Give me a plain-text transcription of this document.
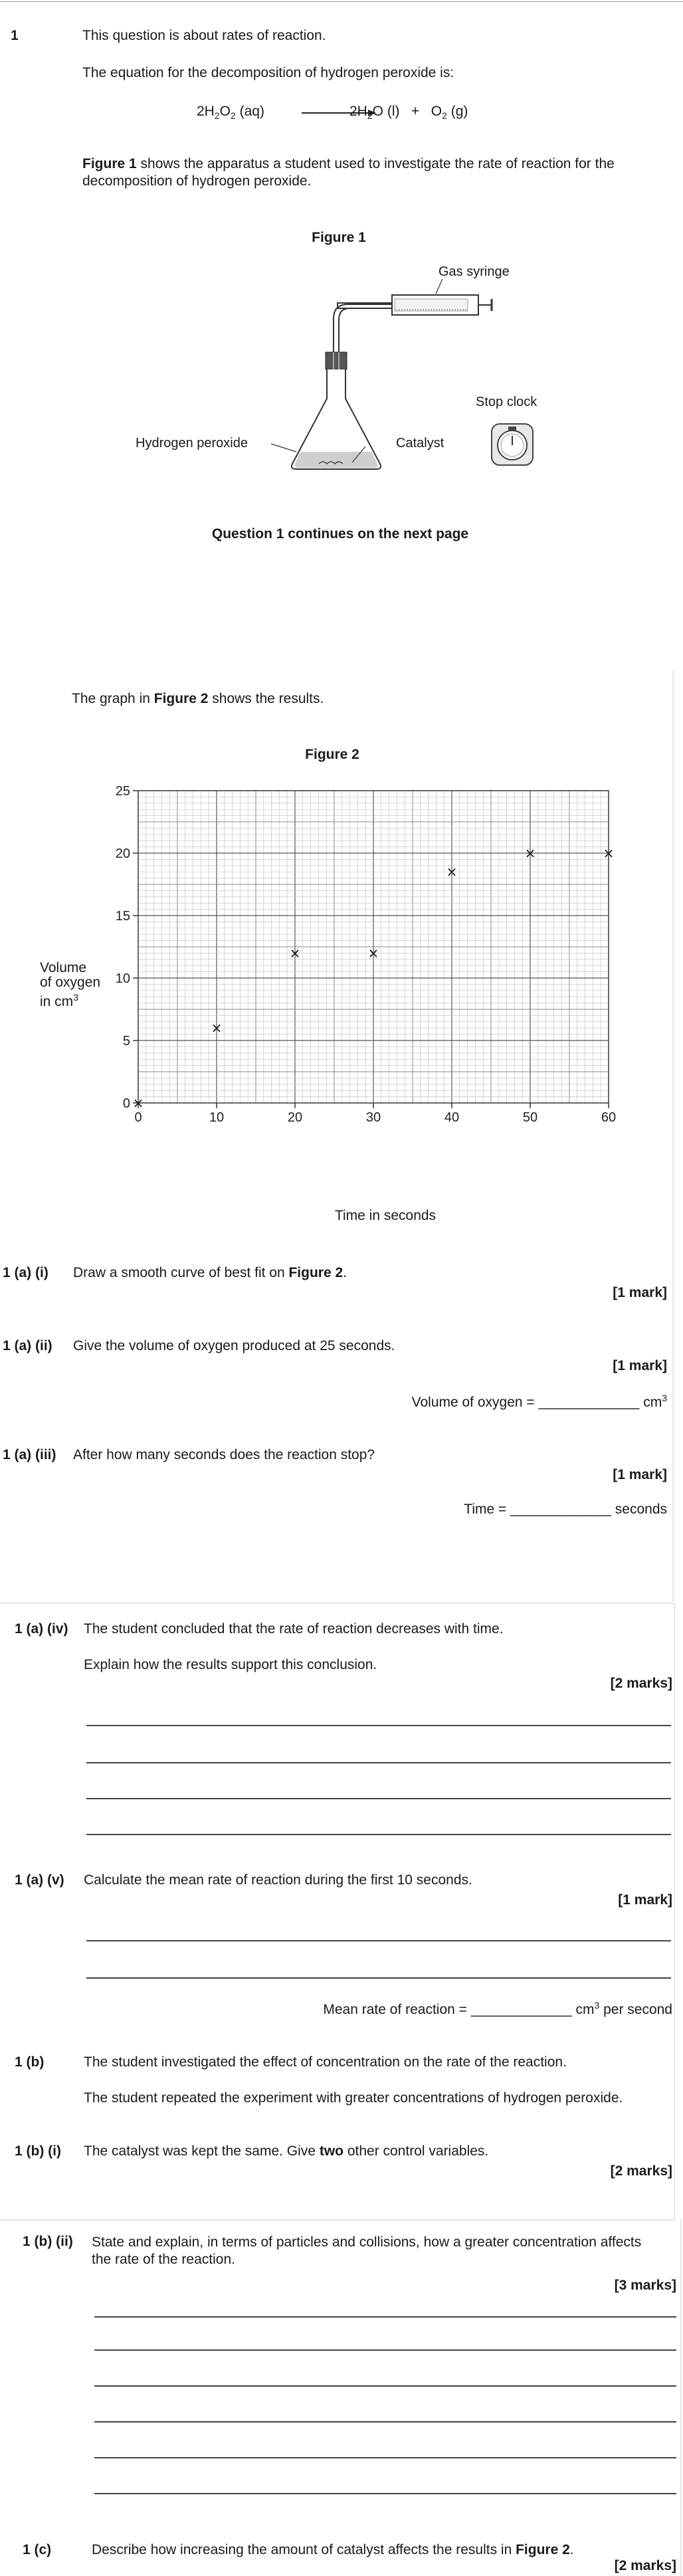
1	This question is about rates of reaction.
The equation for the decomposition of hydrogen peroxide is:
$2H_2O_2$ (aq)	$2H_2O$ $(l) + O_2$ (g)
Figure 1 shows the apparatus a student used to investigate the rate of reaction for the decomposition of hydrogen peroxide.
Figure 1
Gas syringe
Stop clock
Hydrogen peroxide	Catalyst
Question 1 continues on the next page
The graph in Figure 2 shows the results.
Figure 2
Volume
of oxygen
in $cm^3$
0	10	20	30	40	50	60
0
5
10
15
20
25
×
×
×	×
×
×	×
Time in seconds
1 (a) (i) Draw a smooth curve of best fit on Figure 2.
[1 mark]
1 (a) (ii) Give the volume of oxygen produced at 25 seconds.
[1 mark]
Volume of oxygen = _____________ $cm^3$
1 (a) (iii) After how many seconds does the reaction stop?
[1 mark]
Time = _____________ seconds
1 (a) (iv) The student concluded that the rate of reaction decreases with time.
Explain how the results support this conclusion.
[2 marks]
1 (a) (v) Calculate the mean rate of reaction during the first 10 seconds.
[1 mark]
Mean rate of reaction = _____________ $cm^3$ per second
1 (b)	The student investigated the effect of concentration on the rate of the reaction.
The student repeated the experiment with greater concentrations of hydrogen peroxide.
1 (b) (i) The catalyst was kept the same. Give two other control variables.
[2 marks]
1 (b) (ii) State and explain, in terms of particles and collisions, how a greater concentration affects the rate of the reaction.
[3 marks]
1 (c)	Describe how increasing the amount of catalyst affects the results in Figure 2.
[2 marks]
